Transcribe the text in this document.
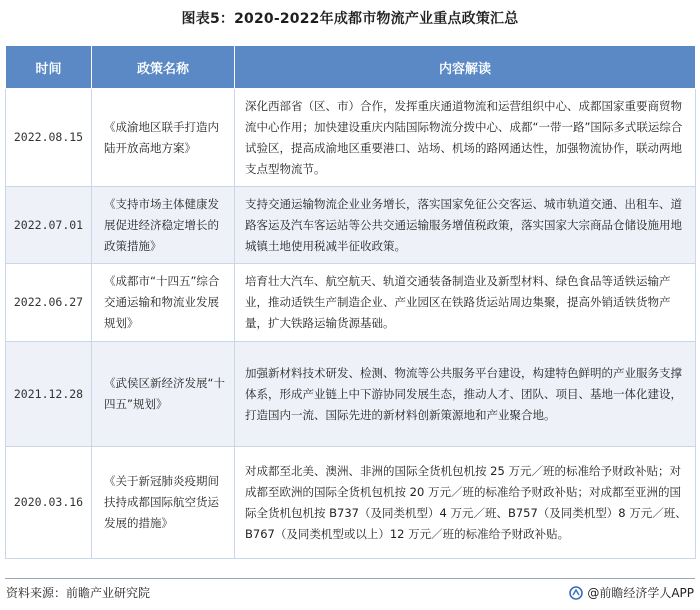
图表5：2020-2022年成都市物流产业重点政策汇总
时间	政策名称	内容解读
2022.08.15	《成渝地区联手打造内陆开放高地方案》	深化西部省（区、市）合作，发挥重庆通道物流和运营组织中心、成都国家重要商贸物流中心作用；加快建设重庆内陆国际物流分拨中心、成都“一带一路”国际多式联运综合试验区，提高成渝地区重要港口、站场、机场的路网通达性，加强物流协作，联动两地支点型物流节。
2022.07.01	《支持市场主体健康发展促进经济稳定增长的政策措施》	支持交通运输物流企业业务增长，落实国家免征公交客运、城市轨道交通、出租车、道路客运及汽车客运站等公共交通运输服务增值税政策，落实国家大宗商品仓储设施用地城镇土地使用税减半征收政策。
2022.06.27	《成都市“十四五”综合交通运输和物流业发展规划》	培育壮大汽车、航空航天、轨道交通装备制造业及新型材料、绿色食品等适铁运输产业，推动适铁生产制造企业、产业园区在铁路货运站周边集聚，提高外销适铁货物产量，扩大铁路运输货源基础。
2021.12.28	《武侯区新经济发展“十四五”规划》	加强新材料技术研发、检测、物流等公共服务平台建设，构建特色鲜明的产业服务支撑体系，形成产业链上中下游协同发展生态，推动人才、团队、项目、基地一体化建设，打造国内一流、国际先进的新材料创新策源地和产业聚合地。
2020.03.16	《关于新冠肺炎疫期间扶持成都国际航空货运发展的措施》	对成都至北美、澳洲、非洲的国际全货机包机按 25 万元／班的标准给予财政补贴；对成都至欧洲的国际全货机包机按 20 万元／班的标准给予财政补贴；对成都至亚洲的国际全货机包机按 B737（及同类机型）4 万元／班、B757（及同类机型）8 万元／班、B767（及同类机型或以上）12 万元／班的标准给予财政补贴。
资料来源：前瞻产业研究院	@前瞻经济学人APP
